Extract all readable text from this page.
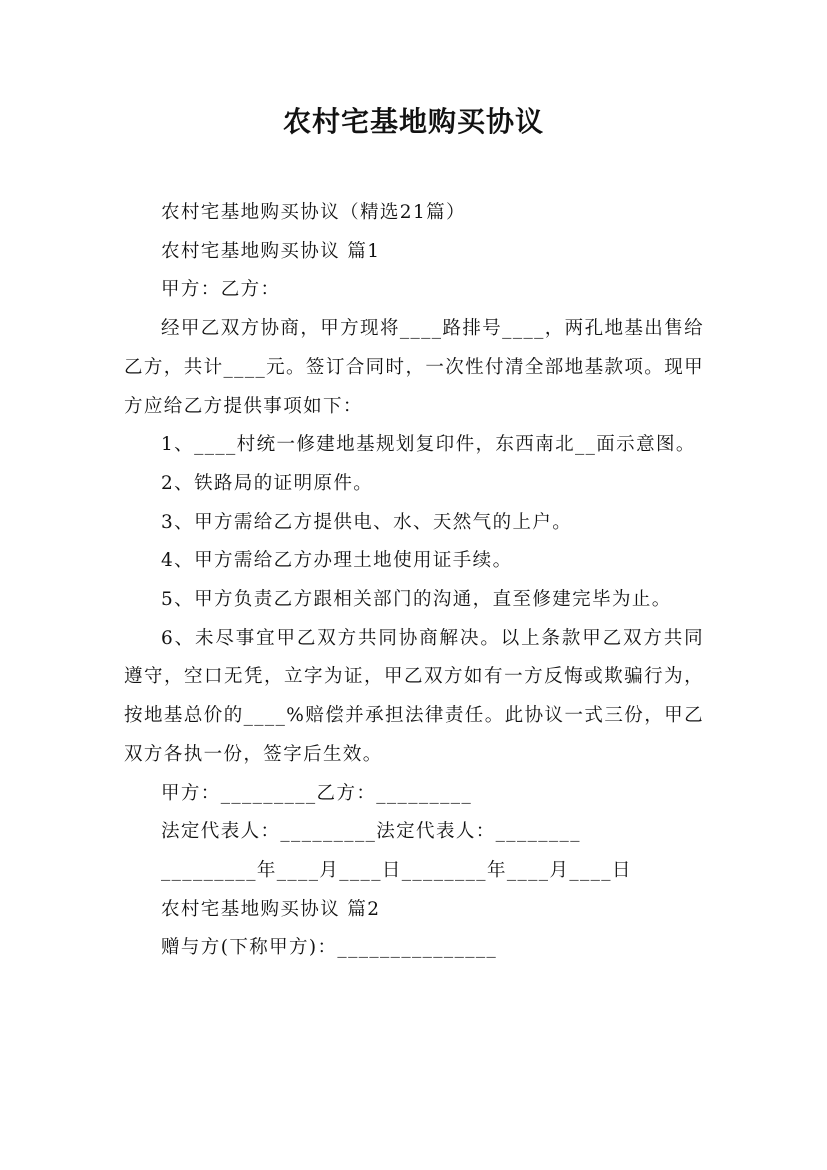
农村宅基地购买协议

农村宅基地购买协议（精选21篇）

农村宅基地购买协议 篇1

甲方：乙方：

经甲乙双方协商，甲方现将____路排号____，两孔地基出售给乙方，共计____元。签订合同时，一次性付清全部地基款项。现甲方应给乙方提供事项如下：

1、____村统一修建地基规划复印件，东西南北__面示意图。

2、铁路局的证明原件。

3、甲方需给乙方提供电、水、天然气的上户。

4、甲方需给乙方办理土地使用证手续。

5、甲方负责乙方跟相关部门的沟通，直至修建完毕为止。

6、未尽事宜甲乙双方共同协商解决。以上条款甲乙双方共同遵守，空口无凭，立字为证，甲乙双方如有一方反悔或欺骗行为，按地基总价的____%赔偿并承担法律责任。此协议一式三份，甲乙双方各执一份，签字后生效。

甲方：_________乙方：_________

法定代表人：_________法定代表人：________

_________年____月____日________年____月____日

农村宅基地购买协议 篇2

赠与方(下称甲方)：_______________
